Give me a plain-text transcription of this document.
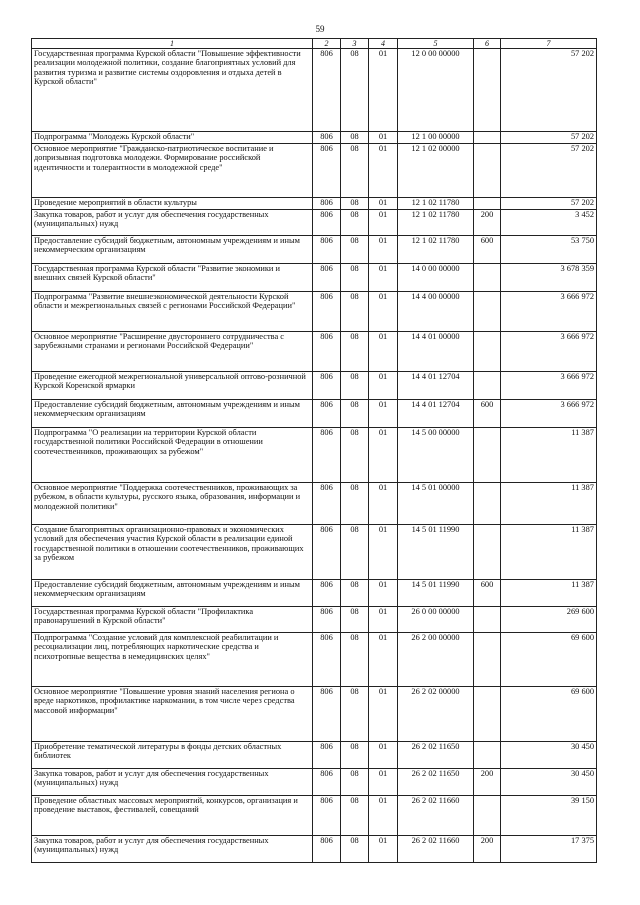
59
1	2	3	4	5	6	7
Государственная программа Курской области "Повышение эффективности реализации молодежной политики, создание благоприятных условий для развития туризма и развитие системы оздоровления и отдыха детей в Курской области"	806	08	01	12 0 00 00000		57 202
Подпрограмма "Молодежь Курской области"	806	08	01	12 1 00 00000		57 202
Основное мероприятие "Гражданско-патриотическое воспитание и допризывная подготовка молодежи. Формирование российской идентичности и толерантности в молодежной среде"	806	08	01	12 1 02 00000		57 202
Проведение мероприятий в области культуры	806	08	01	12 1 02 11780		57 202
Закупка товаров, работ и услуг для обеспечения государственных (муниципальных) нужд	806	08	01	12 1 02 11780	200	3 452
Предоставление субсидий бюджетным, автономным учреждениям и иным некоммерческим организациям	806	08	01	12 1 02 11780	600	53 750
Государственная программа Курской области "Развитие экономики и внешних связей Курской области"	806	08	01	14 0 00 00000		3 678 359
Подпрограмма "Развитие внешнеэкономической деятельности Курской области и межрегиональных связей с регионами Российской Федерации"	806	08	01	14 4 00 00000		3 666 972
Основное мероприятие "Расширение двустороннего сотрудничества с зарубежными странами и регионами Российской Федерации"	806	08	01	14 4 01 00000		3 666 972
Проведение ежегодной межрегиональной универсальной оптово-розничной Курской Коренской ярмарки	806	08	01	14 4 01 12704		3 666 972
Предоставление субсидий бюджетным, автономным учреждениям и иным некоммерческим организациям	806	08	01	14 4 01 12704	600	3 666 972
Подпрограмма "О реализации на территории Курской области государственной политики Российской Федерации в отношении соотечественников, проживающих за рубежом"	806	08	01	14 5 00 00000		11 387
Основное мероприятие "Поддержка соотечественников, проживающих за рубежом, в области культуры, русского языка, образования, информации и молодежной политики"	806	08	01	14 5 01 00000		11 387
Создание благоприятных организационно-правовых и экономических условий для обеспечения участия Курской области в реализации единой государственной политики в отношении соотечественников, проживающих за рубежом	806	08	01	14 5 01 11990		11 387
Предоставление субсидий бюджетным, автономным учреждениям и иным некоммерческим организациям	806	08	01	14 5 01 11990	600	11 387
Государственная программа Курской области "Профилактика правонарушений в Курской области"	806	08	01	26 0 00 00000		269 600
Подпрограмма "Создание условий для комплексной реабилитации и ресоциализации лиц, потребляющих наркотические средства и психотропные вещества в немедицинских целях"	806	08	01	26 2 00 00000		69 600
Основное мероприятие "Повышение уровня знаний населения региона о вреде наркотиков, профилактике наркомании, в том числе через средства массовой информации"	806	08	01	26 2 02 00000		69 600
Приобретение тематической литературы в фонды детских областных библиотек	806	08	01	26 2 02 11650		30 450
Закупка товаров, работ и услуг для обеспечения государственных (муниципальных) нужд	806	08	01	26 2 02 11650	200	30 450
Проведение областных массовых мероприятий, конкурсов, организация и проведение выставок, фестивалей, совещаний	806	08	01	26 2 02 11660		39 150
Закупка товаров, работ и услуг для обеспечения государственных (муниципальных) нужд	806	08	01	26 2 02 11660	200	17 375
